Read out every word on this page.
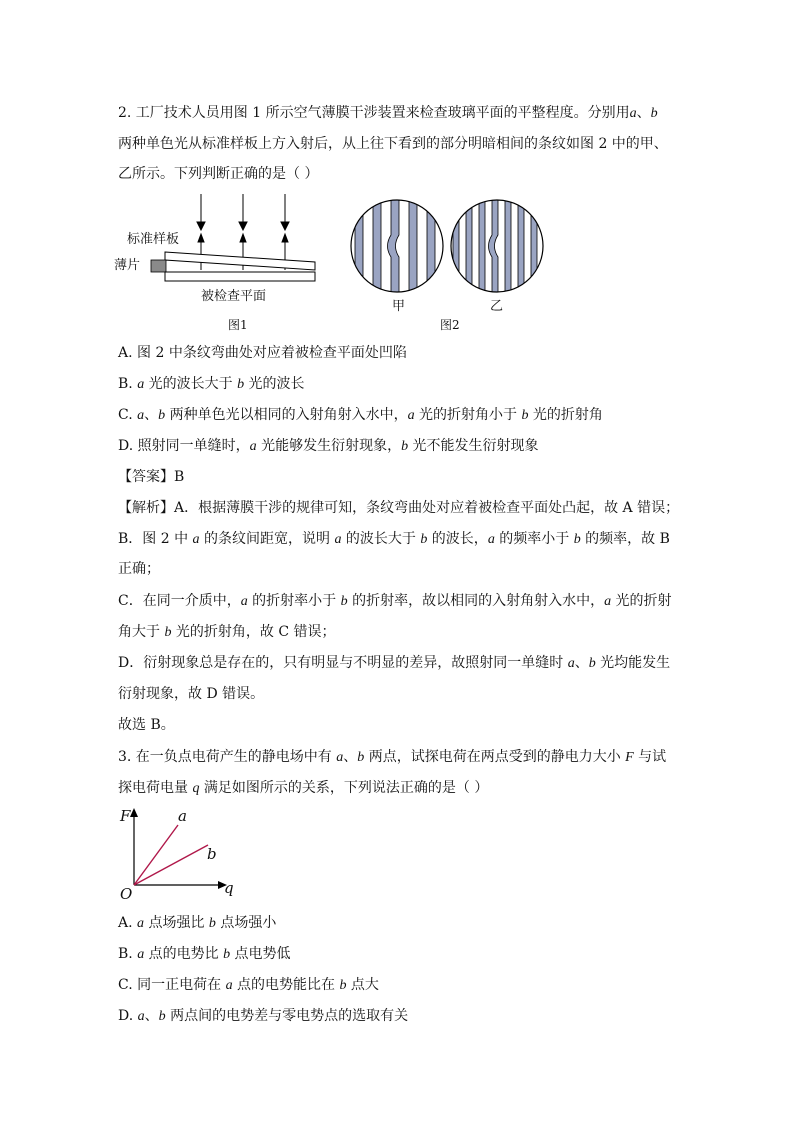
2. 工厂技术人员用图 1 所示空气薄膜干涉装置来检查玻璃平面的平整程度。分别用a、b
两种单色光从标准样板上方入射后，从上往下看到的部分明暗相间的条纹如图 2 中的甲、
乙所示。下列判断正确的是（ ）
标准样板
薄片
被检查平面
图1
甲	乙
图2
A. 图 2 中条纹弯曲处对应着被检查平面处凹陷
B. a 光的波长大于 b 光的波长
C. a、b 两种单色光以相同的入射角射入水中，a 光的折射角小于 b 光的折射角
D. 照射同一单缝时，a 光能够发生衍射现象，b 光不能发生衍射现象
【答案】B
【解析】A．根据薄膜干涉的规律可知，条纹弯曲处对应着被检查平面处凸起，故 A 错误；
B．图 2 中 a 的条纹间距宽，说明 a 的波长大于 b 的波长，a 的频率小于 b 的频率，故 B
正确；
C．在同一介质中，a 的折射率小于 b 的折射率，故以相同的入射角射入水中，a 光的折射
角大于 b 光的折射角，故 C 错误；
D．衍射现象总是存在的，只有明显与不明显的差异，故照射同一单缝时 a、b 光均能发生
衍射现象，故 D 错误。
故选 B。
3. 在一负点电荷产生的静电场中有 a、b 两点，试探电荷在两点受到的静电力大小 F 与试
探电荷电量 q 满足如图所示的关系，下列说法正确的是（ ）
F
q
O
a
b
A. a 点场强比 b 点场强小
B. a 点的电势比 b 点电势低
C. 同一正电荷在 a 点的电势能比在 b 点大
D. a、b 两点间的电势差与零电势点的选取有关
